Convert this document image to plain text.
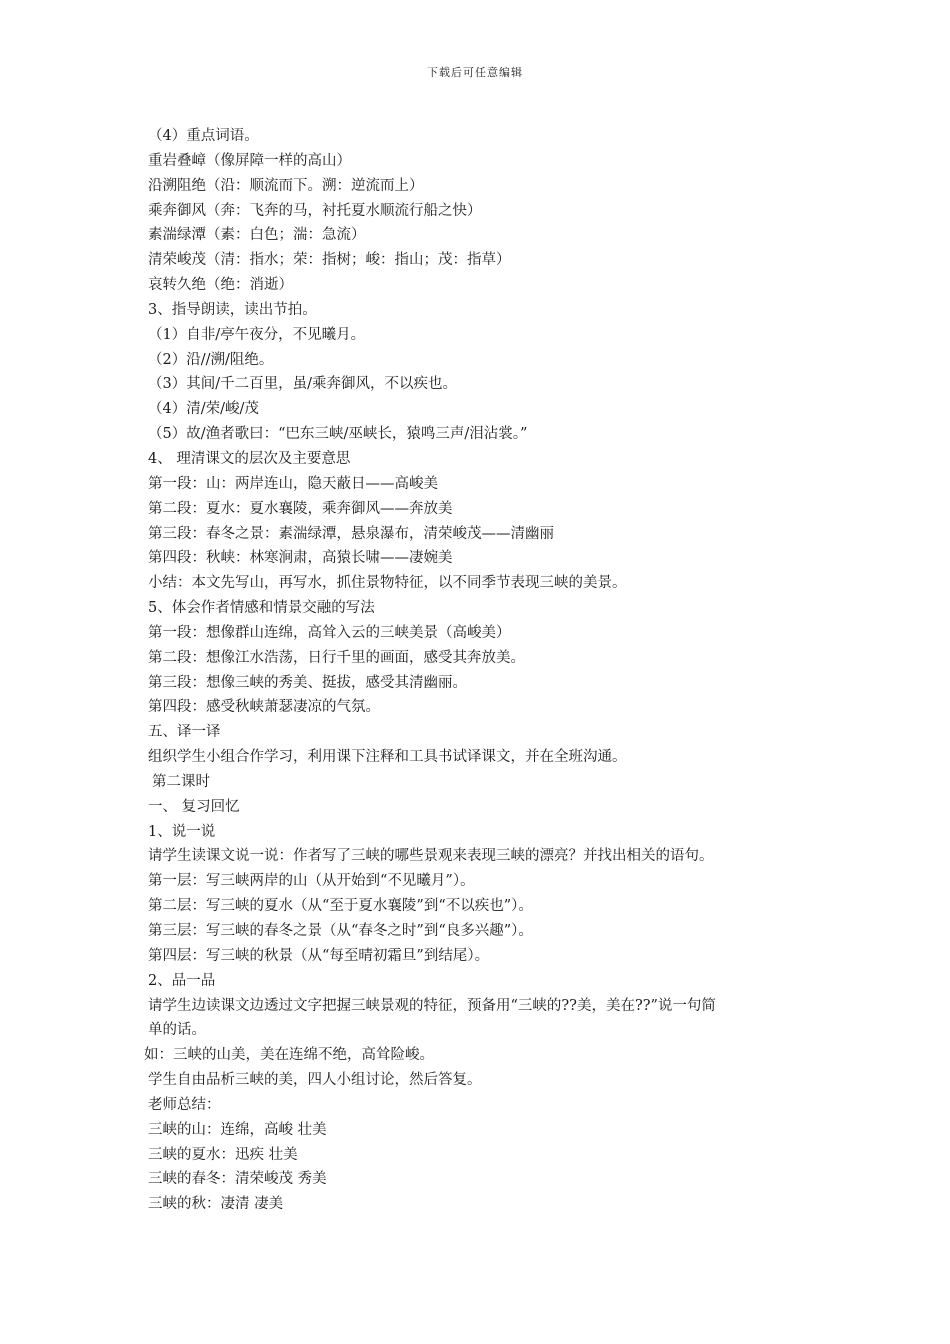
下载后可任意编辑
（4）重点词语。
重岩叠嶂（像屏障一样的高山）
沿溯阻绝（沿：顺流而下。溯：逆流而上）
乘奔御风（奔：飞奔的马，衬托夏水顺流行船之快）
素湍绿潭（素：白色；湍：急流）
清荣峻茂（清：指水；荣：指树；峻：指山；茂：指草）
哀转久绝（绝：消逝）
3、指导朗读，读出节拍。
（1）自非/亭午夜分，不见曦月。
（2）沿//溯/阻绝。
（3）其间/千二百里，虽/乘奔御风，不以疾也。
（4）清/荣/峻/茂
（5）故/渔者歌曰：“巴东三峡/巫峡长，猿鸣三声/泪沾裳。”
4、 理清课文的层次及主要意思
第一段：山：两岸连山，隐天蔽日——高峻美
第二段：夏水：夏水襄陵，乘奔御风——奔放美
第三段：春冬之景：素湍绿潭，悬泉瀑布，清荣峻茂——清幽丽
第四段：秋峡：林寒涧肃，高猿长啸——凄婉美
小结：本文先写山，再写水，抓住景物特征，以不同季节表现三峡的美景。
5、体会作者情感和情景交融的写法
第一段：想像群山连绵，高耸入云的三峡美景（高峻美）
第二段：想像江水浩荡，日行千里的画面，感受其奔放美。
第三段：想像三峡的秀美、挺拔，感受其清幽丽。
第四段：感受秋峡萧瑟凄凉的气氛。
五、译一译
组织学生小组合作学习，利用课下注释和工具书试译课文，并在全班沟通。
第二课时
一、 复习回忆
1、说一说
请学生读课文说一说：作者写了三峡的哪些景观来表现三峡的漂亮？并找出相关的语句。
第一层：写三峡两岸的山（从开始到“不见曦月”）。
第二层：写三峡的夏水（从“至于夏水襄陵”到“不以疾也”）。
第三层：写三峡的春冬之景（从“春冬之时”到“良多兴趣”）。
第四层：写三峡的秋景（从“每至晴初霜旦”到结尾）。
2、品一品
请学生边读课文边透过文字把握三峡景观的特征，预备用“三峡的??美，美在??”说一句简
单的话。
如：三峡的山美，美在连绵不绝，高耸险峻。
学生自由品析三峡的美，四人小组讨论，然后答复。
老师总结：
三峡的山：连绵，高峻 壮美
三峡的夏水：迅疾 壮美
三峡的春冬：清荣峻茂 秀美
三峡的秋：凄清 凄美
